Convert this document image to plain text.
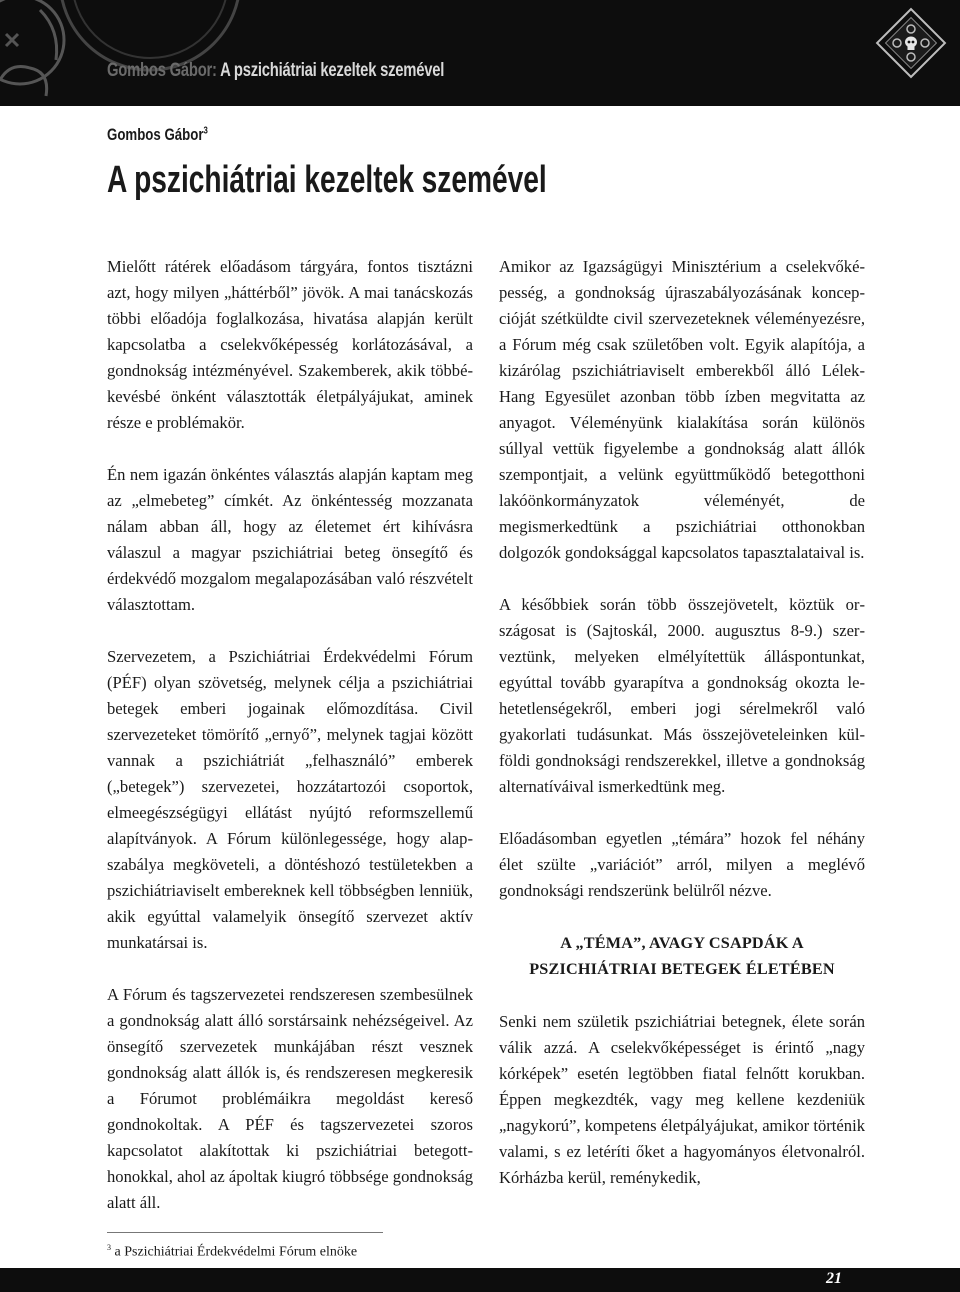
Gombos Gábor: A pszichiátriai kezeltek szemével
Gombos Gábor$^3$
A pszichiátriai kezeltek szemével

Mielőtt rátérek előadásom tárgyára, fontos tisztázni azt, hogy milyen „háttérből” jövök. A mai tanácskozás többi előadója foglalkozása, hivatása alapján került kapcsolatba a cselekvőképesség korlátozásával, a gondnokság intézményével. Szakemberek, akik többé-kevésbé önként választották életpályájukat, aminek része e problémakör.

Én nem igazán önkéntes választás alapján kaptam meg az „elmebeteg” címkét. Az önkéntesség mozzanata nálam abban áll, hogy az életemet ért kihívásra válaszul a magyar pszichiátriai beteg önsegítő és érdekvédő mozgalom megalapozásában való részvételt választottam.

Szervezetem, a Pszichiátriai Érdekvédelmi Fórum (PÉF) olyan szövetség, melynek célja a pszichiátriai betegek emberi jogainak előmozdítása. Civil szervezeteket tömörítő „ernyő”, melynek tagjai között vannak a pszichiátriát „felhasználó” emberek („betegek”) szervezetei, hozzátartozói csoportok, elmeegészségügyi ellátást nyújtó reformszellemű alapítványok. A Fórum különlegessége, hogy alapszabálya megköveteli, a döntéshozó testületekben a pszichiátriaviselt embereknek kell többségben lenniük, akik egyúttal valamelyik önsegítő szervezet aktív munkatársai is.

A Fórum és tagszervezetei rendszeresen szembesülnek a gondnokság alatt álló sorstársaink nehézségeivel. Az önsegítő szervezetek munkájában részt vesznek gondnokság alatt állók is, és rendszeresen megkeresik a Fórumot problémáikra megoldást kereső gondnokoltak. A PÉF és tagszervezetei szoros kapcsolatot alakítottak ki pszichiátriai betegotthonokkal, ahol az ápoltak kiugró többsége gondnokság alatt áll.

Amikor az Igazságügyi Minisztérium a cselekvőképesség, a gondnokság újraszabályozásának koncepcióját szétküldte civil szervezeteknek véleményezésre, a Fórum még csak születőben volt. Egyik alapítója, a kizárólag pszichiátriaviselt emberekből álló Lélek-Hang Egyesület azonban több ízben megvitatta az anyagot. Véleményünk kialakítása során különös súllyal vettük figyelembe a gondnokság alatt állók szempontjait, a velünk együttműködő betegotthoni lakóönkormányzatok véleményét, de megismerkedtünk a pszichiátriai otthonokban dolgozók gondoksággal kapcsolatos tapasztalataival is.

A későbbiek során több összejövetelt, köztük országosat is (Sajtoskál, 2000. augusztus 8-9.) szerveztünk, melyeken elmélyítettük álláspontunkat, egyúttal tovább gyarapítva a gondnokság okozta lehetetlenségekről, emberi jogi sérelmekről való gyakorlati tudásunkat. Más összejöveteleinken külföldi gondnoksági rendszerekkel, illetve a gondnokság alternatíváival ismerkedtünk meg.

Előadásomban egyetlen „témára” hozok fel néhány élet szülte „variációt” arról, milyen a meglévő gondnoksági rendszerünk belülről nézve.

A „TÉMA”, AVAGY CSAPDÁK A
PSZICHIÁTRIAI BETEGEK ÉLETÉBEN

Senki nem születik pszichiátriai betegnek, élete során válik azzá. A cselekvőképességet is érintő „nagy kórképek” esetén legtöbben fiatal felnőtt korukban. Éppen megkezdték, vagy meg kellene kezdeniük „nagykorú”, kompetens életpályájukat, amikor történik valami, s ez letéríti őket a hagyományos életvonalról. Kórházba kerül, reménykedik,

$^3$ a Pszichiátriai Érdekvédelmi Fórum elnöke
21
